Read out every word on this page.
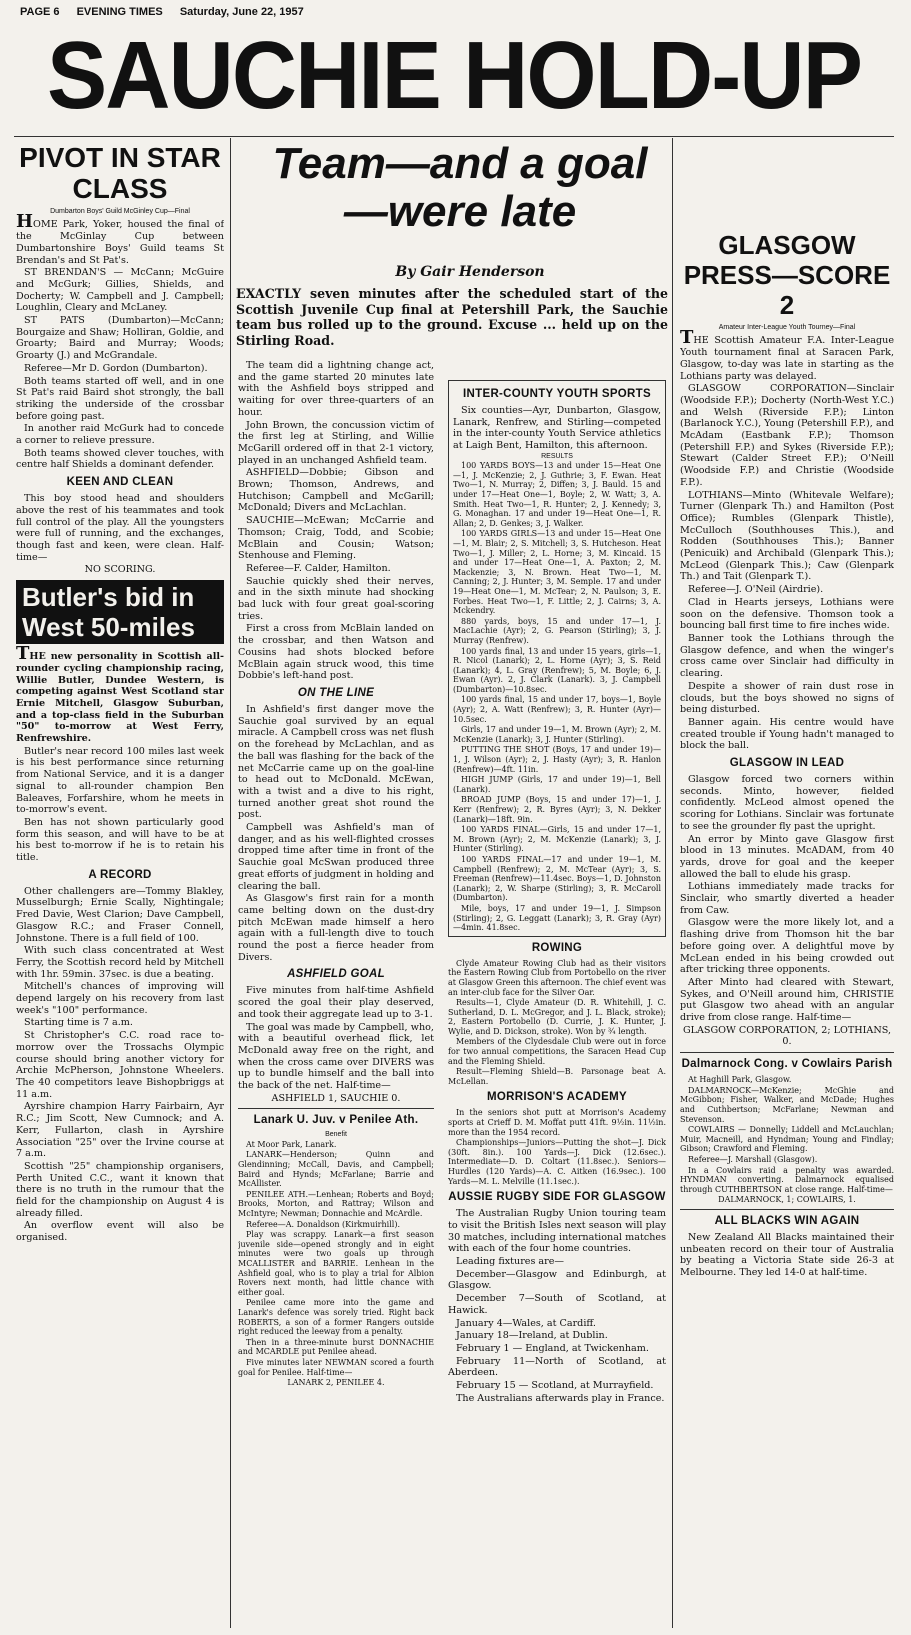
PAGE 6 EVENING TIMES Saturday, June 22, 1957
SAUCHIE HOLD-UP
PIVOT IN STAR CLASS
Dumbarton Boys' Guild McGinley Cup—Final

HOME Park, Yoker, housed the final of the McGinlay Cup between Dumbartonshire Boys' Guild teams St Brendan's and St Pat's.

ST BRENDAN'S — McCann; McGuire and McGurk; Gillies, Shields, and Docherty; W. Campbell and J. Campbell; Loughlin, Cleary and McLaney.

ST PATS (Dumbarton)—McCann; Bourgaize and Shaw; Holliran, Goldie, and Groarty; Baird and Murray; Woods; Groarty (J.) and McGrandale.

Referee—Mr D. Gordon (Dumbarton).

Both teams started off well, and in one St Pat's raid Baird shot strongly, the ball striking the underside of the crossbar before going past.

In another raid McGurk had to concede a corner to relieve pressure.

Both teams showed clever touches, with centre half Shields a dominant defender.

KEEN AND CLEAN

This boy stood head and shoulders above the rest of his teammates and took full control of the play. All the youngsters were full of running, and the exchanges, though fast and keen, were clean. Half-time—

NO SCORING.

Butler's bid in West 50-miles

THE new personality in Scottish all-rounder cycling championship racing, Willie Butler, Dundee Western, is competing against West Scotland star Ernie Mitchell, Glasgow Suburban, and a top-class field in the Suburban "50" to-morrow at West Ferry, Renfrewshire.

Butler's near record 100 miles last week is his best performance since returning from National Service, and it is a danger signal to all-rounder champion Ben Baleaves, Forfarshire, whom he meets in to-morrow's event.

Ben has not shown particularly good form this season, and will have to be at his best to-morrow if he is to retain his title.

A RECORD

Other challengers are—Tommy Blakley, Musselburgh; Ernie Scally, Nightingale; Fred Davie, West Clarion; Dave Campbell, Glasgow R.C.; and Fraser Connell, Johnstone. There is a full field of 100.

With such class concentrated at West Ferry, the Scottish record held by Mitchell with 1hr. 59min. 37sec. is due a beating.

Mitchell's chances of improving will depend largely on his recovery from last week's "100" performance.

Starting time is 7 a.m.

St Christopher's C.C. road race to-morrow over the Trossachs Olympic course should bring another victory for Archie McPherson, Johnstone Wheelers. The 40 competitors leave Bishopbriggs at 11 a.m.

Ayrshire champion Harry Fairbairn, Ayr R.C.; Jim Scott, New Cumnock; and A. Kerr, Fullarton, clash in Ayrshire Association "25" over the Irvine course at 7 a.m.

Scottish "25" championship organisers, Perth United C.C., want it known that there is no truth in the rumour that the field for the championship on August 4 is already filled.

An overflow event will also be organised.

Team—and a goal —were late
By Gair Henderson
EXACTLY seven minutes after the scheduled start of the Scottish Juvenile Cup final at Petershill Park, the Sauchie team bus rolled up to the ground. Excuse ... held up on the Stirling Road.

The team did a lightning change act, and the game started 20 minutes late with the Ashfield boys stripped and waiting for over three-quarters of an hour.

John Brown, the concussion victim of the first leg at Stirling, and Willie McGarill ordered off in that 2-1 victory, played in an unchanged Ashfield team.

ASHFIELD—Dobbie; Gibson and Brown; Thomson, Andrews, and Hutchison; Campbell and McGarill; McDonald; Divers and McLachlan.

SAUCHIE—McEwan; McCarrie and Thomson; Craig, Todd, and Scobie; McBlain and Cousin; Watson; Stenhouse and Fleming.

Referee—F. Calder, Hamilton.

Sauchie quickly shed their nerves, and in the sixth minute had shocking bad luck with four great goal-scoring tries.

First a cross from McBlain landed on the crossbar, and then Watson and Cousins had shots blocked before McBlain again struck wood, this time Dobbie's left-hand post.

ON THE LINE

In Ashfield's first danger move the Sauchie goal survived by an equal miracle. A Campbell cross was net flush on the forehead by McLachlan, and as the ball was flashing for the back of the net McCarrie came up on the goal-line to head out to McDonald. McEwan, with a twist and a dive to his right, turned another great shot round the post.

Campbell was Ashfield's man of danger, and as his well-flighted crosses dropped time after time in front of the Sauchie goal McSwan produced three great efforts of judgment in holding and clearing the ball.

As Glasgow's first rain for a month came belting down on the dust-dry pitch McEwan made himself a hero again with a full-length dive to touch round the post a fierce header from Divers.

ASHFIELD GOAL

Five minutes from half-time Ashfield scored the goal their play deserved, and took their aggregate lead up to 3-1.

The goal was made by Campbell, who, with a beautiful overhead flick, let McDonald away free on the right, and when the cross came over DIVERS was up to bundle himself and the ball into the back of the net. Half-time—

ASHFIELD 1, SAUCHIE 0.

Lanark U. Juv. v Penilee Ath.
Benefit

At Moor Park, Lanark.

LANARK—Henderson; Quinn and Glendinning; McCall, Davis, and Campbell; Baird and Hynds; McFarlane; Barrie and McAllister.

PENILEE ATH.—Lenhean; Roberts and Boyd; Brooks, Morton, and Rattray; Wilson and McIntyre; Newman; Donnachie and McArdle.

Referee—A. Donaldson (Kirkmuirhill).

Play was scrappy. Lanark—a first season juvenile side—opened strongly and in eight minutes were two goals up through MCALLISTER and BARRIE. Lenhean in the Ashfield goal, who is to play a trial for Albion Rovers next month, had little chance with either goal.

Penilee came more into the game and Lanark's defence was sorely tried. Right back ROBERTS, a son of a former Rangers outside right reduced the leeway from a penalty.

Then in a three-minute burst DONNACHIE and MCARDLE put Penilee ahead.

Five minutes later NEWMAN scored a fourth goal for Penilee. Half-time—

LANARK 2, PENILEE 4.

INTER-COUNTY YOUTH SPORTS

Six counties—Ayr, Dunbarton, Glasgow, Lanark, Renfrew, and Stirling—competed in the inter-county Youth Service athletics at Laigh Bent, Hamilton, this afternoon.

RESULTS

100 YARDS BOYS—13 and under 15—Heat One—1, J. McKenzie; 2, J. Guthrie; 3, F. Ewan. Heat Two—1, N. Murray; 2, Diffen; 3, J. Bauld. 15 and under 17—Heat One—1, Boyle; 2, W. Watt; 3, A. Smith. Heat Two—1, R. Hunter; 2, J. Kennedy; 3, G. Monaghan. 17 and under 19—Heat One—1, R. Allan; 2, D. Genkes; 3, J. Walker.

100 YARDS GIRLS—13 and under 15—Heat One—1, M. Blair; 2, S. Mitchell; 3, S. Hutcheson. Heat Two—1, J. Miller; 2, L. Horne; 3, M. Kincaid. 15 and under 17—Heat One—1, A. Paxton; 2, M. Mackenzie; 3, N. Brown. Heat Two—1, M. Canning; 2, J. Hunter; 3, M. Semple. 17 and under 19—Heat One—1, M. McTear; 2, N. Paulson; 3, E. Forbes. Heat Two—1, F. Little; 2, J. Cairns; 3, A. Mckendry.

880 yards, boys, 15 and under 17—1, J. MacLachie (Ayr); 2, G. Pearson (Stirling); 3, J. Murray (Renfrew).

100 yards final, 13 and under 15 years, girls—1, R. Nicol (Lanark); 2, L. Horne (Ayr); 3, S. Reid (Lanark); 4, L. Gray (Renfrew); 5, M. Boyle; 6, J. Ewan (Ayr). 2, J. Clark (Lanark). 3, J. Campbell (Dumbarton)—10.8sec.

100 yards final, 15 and under 17, boys—1, Boyle (Ayr); 2, A. Watt (Renfrew); 3, R. Hunter (Ayr)—10.5sec.

Girls, 17 and under 19—1, M. Brown (Ayr); 2, M. McKenzie (Lanark); 3, J. Hunter (Stirling).

PUTTING THE SHOT (Boys, 17 and under 19)—1, J. Wilson (Ayr); 2, J. Hasty (Ayr); 3, R. Hanlon (Renfrew)—4ft. 11in.

HIGH JUMP (Girls, 17 and under 19)—1, Bell (Lanark).

BROAD JUMP (Boys, 15 and under 17)—1, J. Kerr (Renfrew); 2, R. Byres (Ayr); 3, N. Dekker (Lanark)—18ft. 9in.

100 YARDS FINAL—Girls, 15 and under 17—1, M. Brown (Ayr); 2, M. McKenzie (Lanark); 3, J. Hunter (Stirling).

100 YARDS FINAL—17 and under 19—1, M. Campbell (Renfrew); 2, M. McTear (Ayr); 3, S. Freeman (Renfrew)—11.4sec. Boys—1, D. Johnston (Lanark); 2, W. Sharpe (Stirling); 3, R. McCaroll (Dumbarton).

Mile, boys, 17 and under 19—1, J. Simpson (Stirling); 2, G. Leggatt (Lanark); 3, R. Gray (Ayr)—4min. 41.8sec.

ROWING

Clyde Amateur Rowing Club had as their visitors the Eastern Rowing Club from Portobello on the river at Glasgow Green this afternoon. The chief event was an inter-club face for the Silver Oar.

Results—1, Clyde Amateur (D. R. Whitehill, J. C. Sutherland, D. L. McGregor, and J. L. Black, stroke); 2, Eastern Portobello (D. Currie, J. K. Hunter, J. Wylie, and D. Dickson, stroke). Won by ¾ length.

Members of the Clydesdale Club were out in force for two annual competitions, the Saracen Head Cup and the Fleming Shield.

Result—Fleming Shield—B. Parsonage beat A. McLellan.

MORRISON'S ACADEMY

In the seniors shot putt at Morrison's Academy sports at Crieff D. M. Moffat putt 41ft. 9½in. 11½in. more than the 1954 record.

Championships—Juniors—Putting the shot—J. Dick (30ft. 8in.). 100 Yards—J. Dick (12.6sec.). Intermediate—D. D. Coltart (11.8sec.). Seniors—Hurdles (120 Yards)—A. C. Aitken (16.9sec.). 100 Yards—M. L. Melville (11.1sec.).

AUSSIE RUGBY SIDE FOR GLASGOW

The Australian Rugby Union touring team to visit the British Isles next season will play 30 matches, including international matches with each of the four home countries.

Leading fixtures are—

December—Glasgow and Edinburgh, at Glasgow.

December 7—South of Scotland, at Hawick.

January 4—Wales, at Cardiff.

January 18—Ireland, at Dublin.

February 1 — England, at Twickenham.

February 11—North of Scotland, at Aberdeen.

February 15 — Scotland, at Murrayfield.

The Australians afterwards play in France.

GLASGOW PRESS—SCORE 2
Amateur Inter-League Youth Tourney—Final

THE Scottish Amateur F.A. Inter-League Youth tournament final at Saracen Park, Glasgow, to-day was late in starting as the Lothians party was delayed.

GLASGOW CORPORATION—Sinclair (Woodside F.P.); Docherty (North-West Y.C.) and Welsh (Riverside F.P.); Linton (Barlanock Y.C.), Young (Petershill F.P.), and McAdam (Eastbank F.P.); Thomson (Petershill F.P.) and Sykes (Riverside F.P.); Stewart (Calder Street F.P.); O'Neill (Woodside F.P.) and Christie (Woodside F.P.).

LOTHIANS—Minto (Whitevale Welfare); Turner (Glenpark Th.) and Hamilton (Post Office); Rumbles (Glenpark Thistle), McCulloch (Southhouses This.), and Rodden (Southhouses This.); Banner (Penicuik) and Archibald (Glenpark This.); McLeod (Glenpark This.); Caw (Glenpark Th.) and Tait (Glenpark T.).

Referee—J. O'Neil (Airdrie).

Clad in Hearts jerseys, Lothians were soon on the defensive. Thomson took a bouncing ball first time to fire inches wide.

Banner took the Lothians through the Glasgow defence, and when the winger's cross came over Sinclair had difficulty in clearing.

Despite a shower of rain dust rose in clouds, but the boys showed no signs of being disturbed.

Banner again. His centre would have created trouble if Young hadn't managed to block the ball.

GLASGOW IN LEAD

Glasgow forced two corners within seconds. Minto, however, fielded confidently. McLeod almost opened the scoring for Lothians. Sinclair was fortunate to see the grounder fly past the upright.

An error by Minto gave Glasgow first blood in 13 minutes. McADAM, from 40 yards, drove for goal and the keeper allowed the ball to elude his grasp.

Lothians immediately made tracks for Sinclair, who smartly diverted a header from Caw.

Glasgow were the more likely lot, and a flashing drive from Thomson hit the bar before going over. A delightful move by McLean ended in his being crowded out after tricking three opponents.

After Minto had cleared with Stewart, Sykes, and O'Neill around him, CHRISTIE put Glasgow two ahead with an angular drive from close range. Half-time—

GLASGOW CORPORATION, 2; LOTHIANS, 0.

Dalmarnock Cong. v Cowlairs Parish

At Haghill Park, Glasgow.

DALMARNOCK—McKenzie; McGhie and McGibbon; Fisher, Walker, and McDade; Hughes and Cuthbertson; McFarlane; Newman and Stevenson.

COWLAIRS — Donnelly; Liddell and McLauchlan; Muir, Macneill, and Hyndman; Young and Findlay; Gibson; Crawford and Fleming.

Referee—J. Marshall (Glasgow).

In a Cowlairs raid a penalty was awarded. HYNDMAN converting. Dalmarnock equalised through CUTHBERTSON at close range. Half-time—

DALMARNOCK, 1; COWLAIRS, 1.

ALL BLACKS WIN AGAIN

New Zealand All Blacks maintained their unbeaten record on their tour of Australia by beating a Victoria State side 26-3 at Melbourne. They led 14-0 at half-time.
